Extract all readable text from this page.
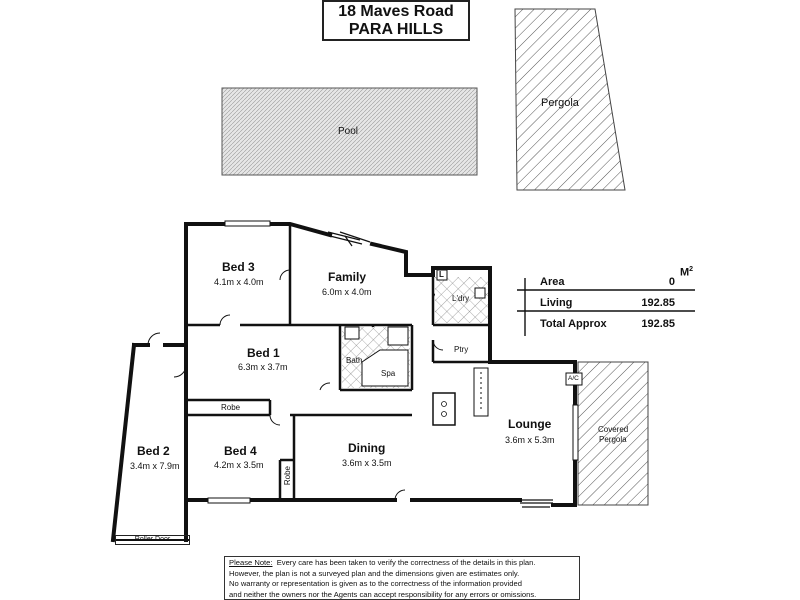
18 Maves Road
PARA HILLS
Pool
Pergola
Covered
Pergola
Bed 3
4.1m x 4.0m	Family
6.0m x 4.0m
L
L'dry
Bed 1
6.3m x 3.7m
Bath
Spa
Ptry
A/C
Robe
Robe
Bed 2
3.4m x 7.9m
Bed 4
4.2m x 3.5m
Dining
3.6m x 3.5m
Lounge
3.6m x 5.3m
Roller Door
$M^2$
Area	0
Living	192.85
Total Approx	192.85
Please Note: Every care has been taken to verify the correctness of the details in this plan.
However, the plan is not a surveyed plan and the dimensions given are estimates only.
No warranty or representation is given as to the correctness of the information provided
and neither the owners nor the Agents can accept responsibility for any errors or omissions.
